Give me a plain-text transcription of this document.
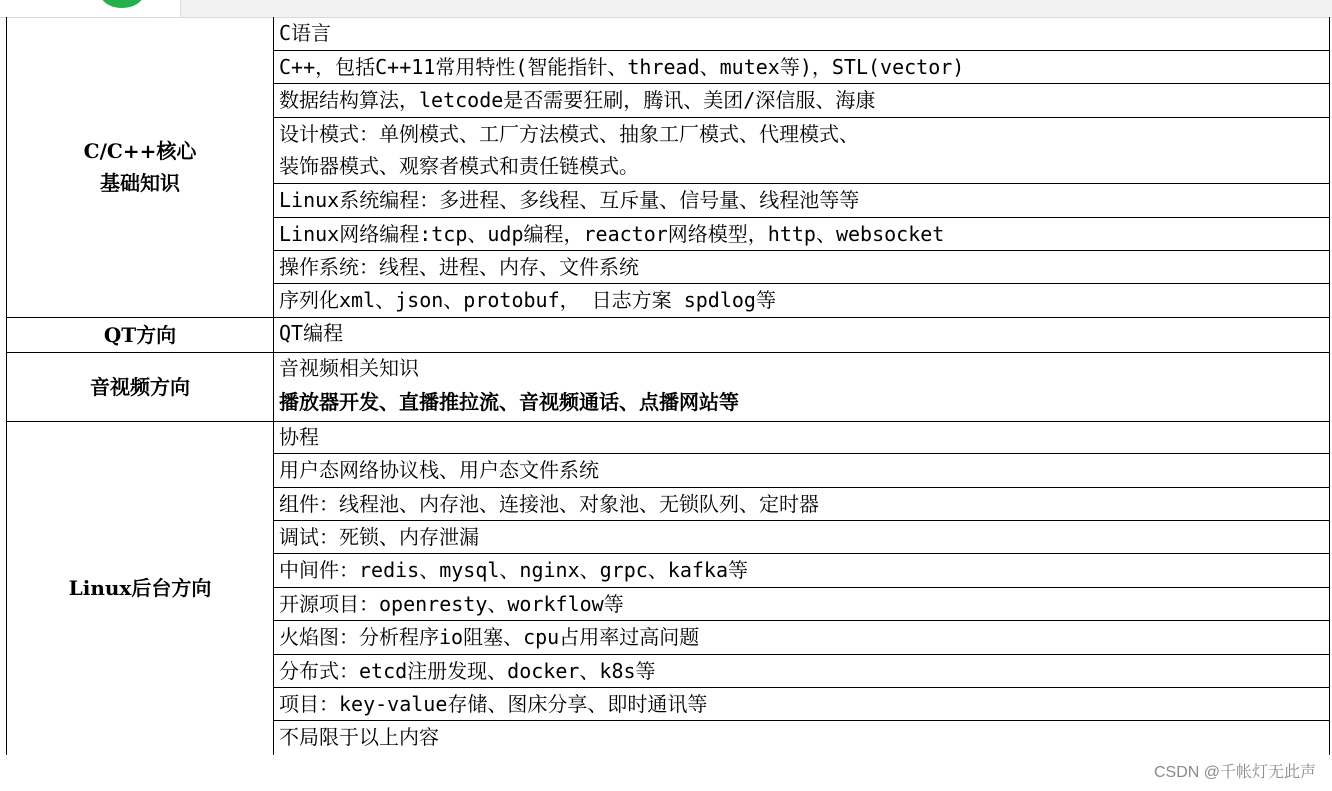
C/C++核心
基础知识
C语言
C++，包括C++11常用特性(智能指针、thread、mutex等)，STL(vector)
数据结构算法，letcode是否需要狂刷，腾讯、美团/深信服、海康
设计模式：单例模式、工厂方法模式、抽象工厂模式、代理模式、
装饰器模式、观察者模式和责任链模式。
Linux系统编程：多进程、多线程、互斥量、信号量、线程池等等
Linux网络编程:tcp、udp编程，reactor网络模型，http、websocket
操作系统：线程、进程、内存、文件系统
序列化xml、json、protobuf， 日志方案 spdlog等
QT方向	QT编程
音视频方向
音视频相关知识
播放器开发、直播推拉流、音视频通话、点播网站等
Linux后台方向
协程
用户态网络协议栈、用户态文件系统
组件：线程池、内存池、连接池、对象池、无锁队列、定时器
调试：死锁、内存泄漏
中间件：redis、mysql、nginx、grpc、kafka等
开源项目：openresty、workflow等
火焰图：分析程序io阻塞、cpu占用率过高问题
分布式：etcd注册发现、docker、k8s等
项目：key-value存储、图床分享、即时通讯等
不局限于以上内容
CSDN @千帐灯无此声
